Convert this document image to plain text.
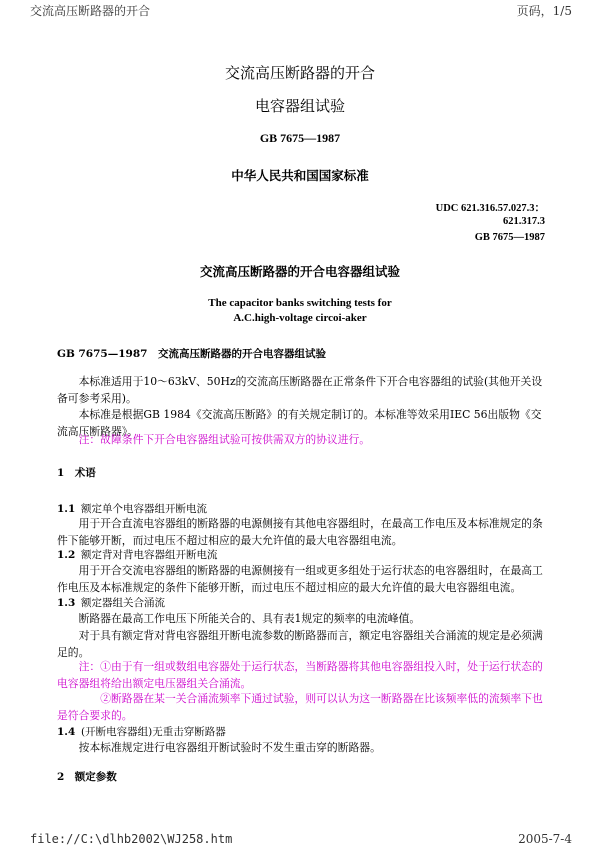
交流高压断路器的开合	页码，1/5
交流高压断路器的开合
电容器组试验
GB 7675—1987
中华人民共和国国家标准
UDC 621.316.57.027.3：
621.317.3
GB 7675—1987
交流高压断路器的开合电容器组试验
The capacitor banks switching tests for
A.C.high-voltage circoi-aker
GB 7675—1987　交流高压断路器的开合电容器组试验

本标准适用于10～63kV、50Hz的交流高压断路器在正常条件下开合电容器组的试验(其他开关设备可参考采用)。

本标准是根据GB 1984《交流高压断路》的有关规定制订的。本标准等效采用IEC 56出版物《交流高压断路器》。

注：故障条件下开合电容器组试验可按供需双方的协议进行。

1　术语
1.1 额定单个电容器组开断电流

用于开合直流电容器组的断路器的电源侧接有其他电容器组时，在最高工作电压及本标准规定的条件下能够开断，而过电压不超过相应的最大允许值的最大电容器组电流。

1.2 额定背对背电容器组开断电流

用于开合交流电容器组的断路器的电源侧接有一组或更多组处于运行状态的电容器组时，在最高工作电压及本标准规定的条件下能够开断，而过电压不超过相应的最大允许值的最大电容器组电流。

1.3 额定器组关合涌流

断路器在最高工作电压下所能关合的、具有表1规定的频率的电流峰值。

对于具有额定背对背电容器组开断电流参数的断路器而言，额定电容器组关合涌流的规定是必须满足的。

注：①由于有一组或数组电容器处于运行状态，当断路器将其他电容器组投入时，处于运行状态的电容器组将给出额定电压器组关合涌流。

②断路器在某一关合涌流频率下通过试验，则可以认为这一断路器在比该频率低的流频率下也是符合要求的。

1.4 (开断电容器组)无重击穿断路器

按本标准规定进行电容器组开断试验时不发生重击穿的断路器。

2　额定参数
file://C:\dlhb2002\WJ258.htm	2005-7-4
